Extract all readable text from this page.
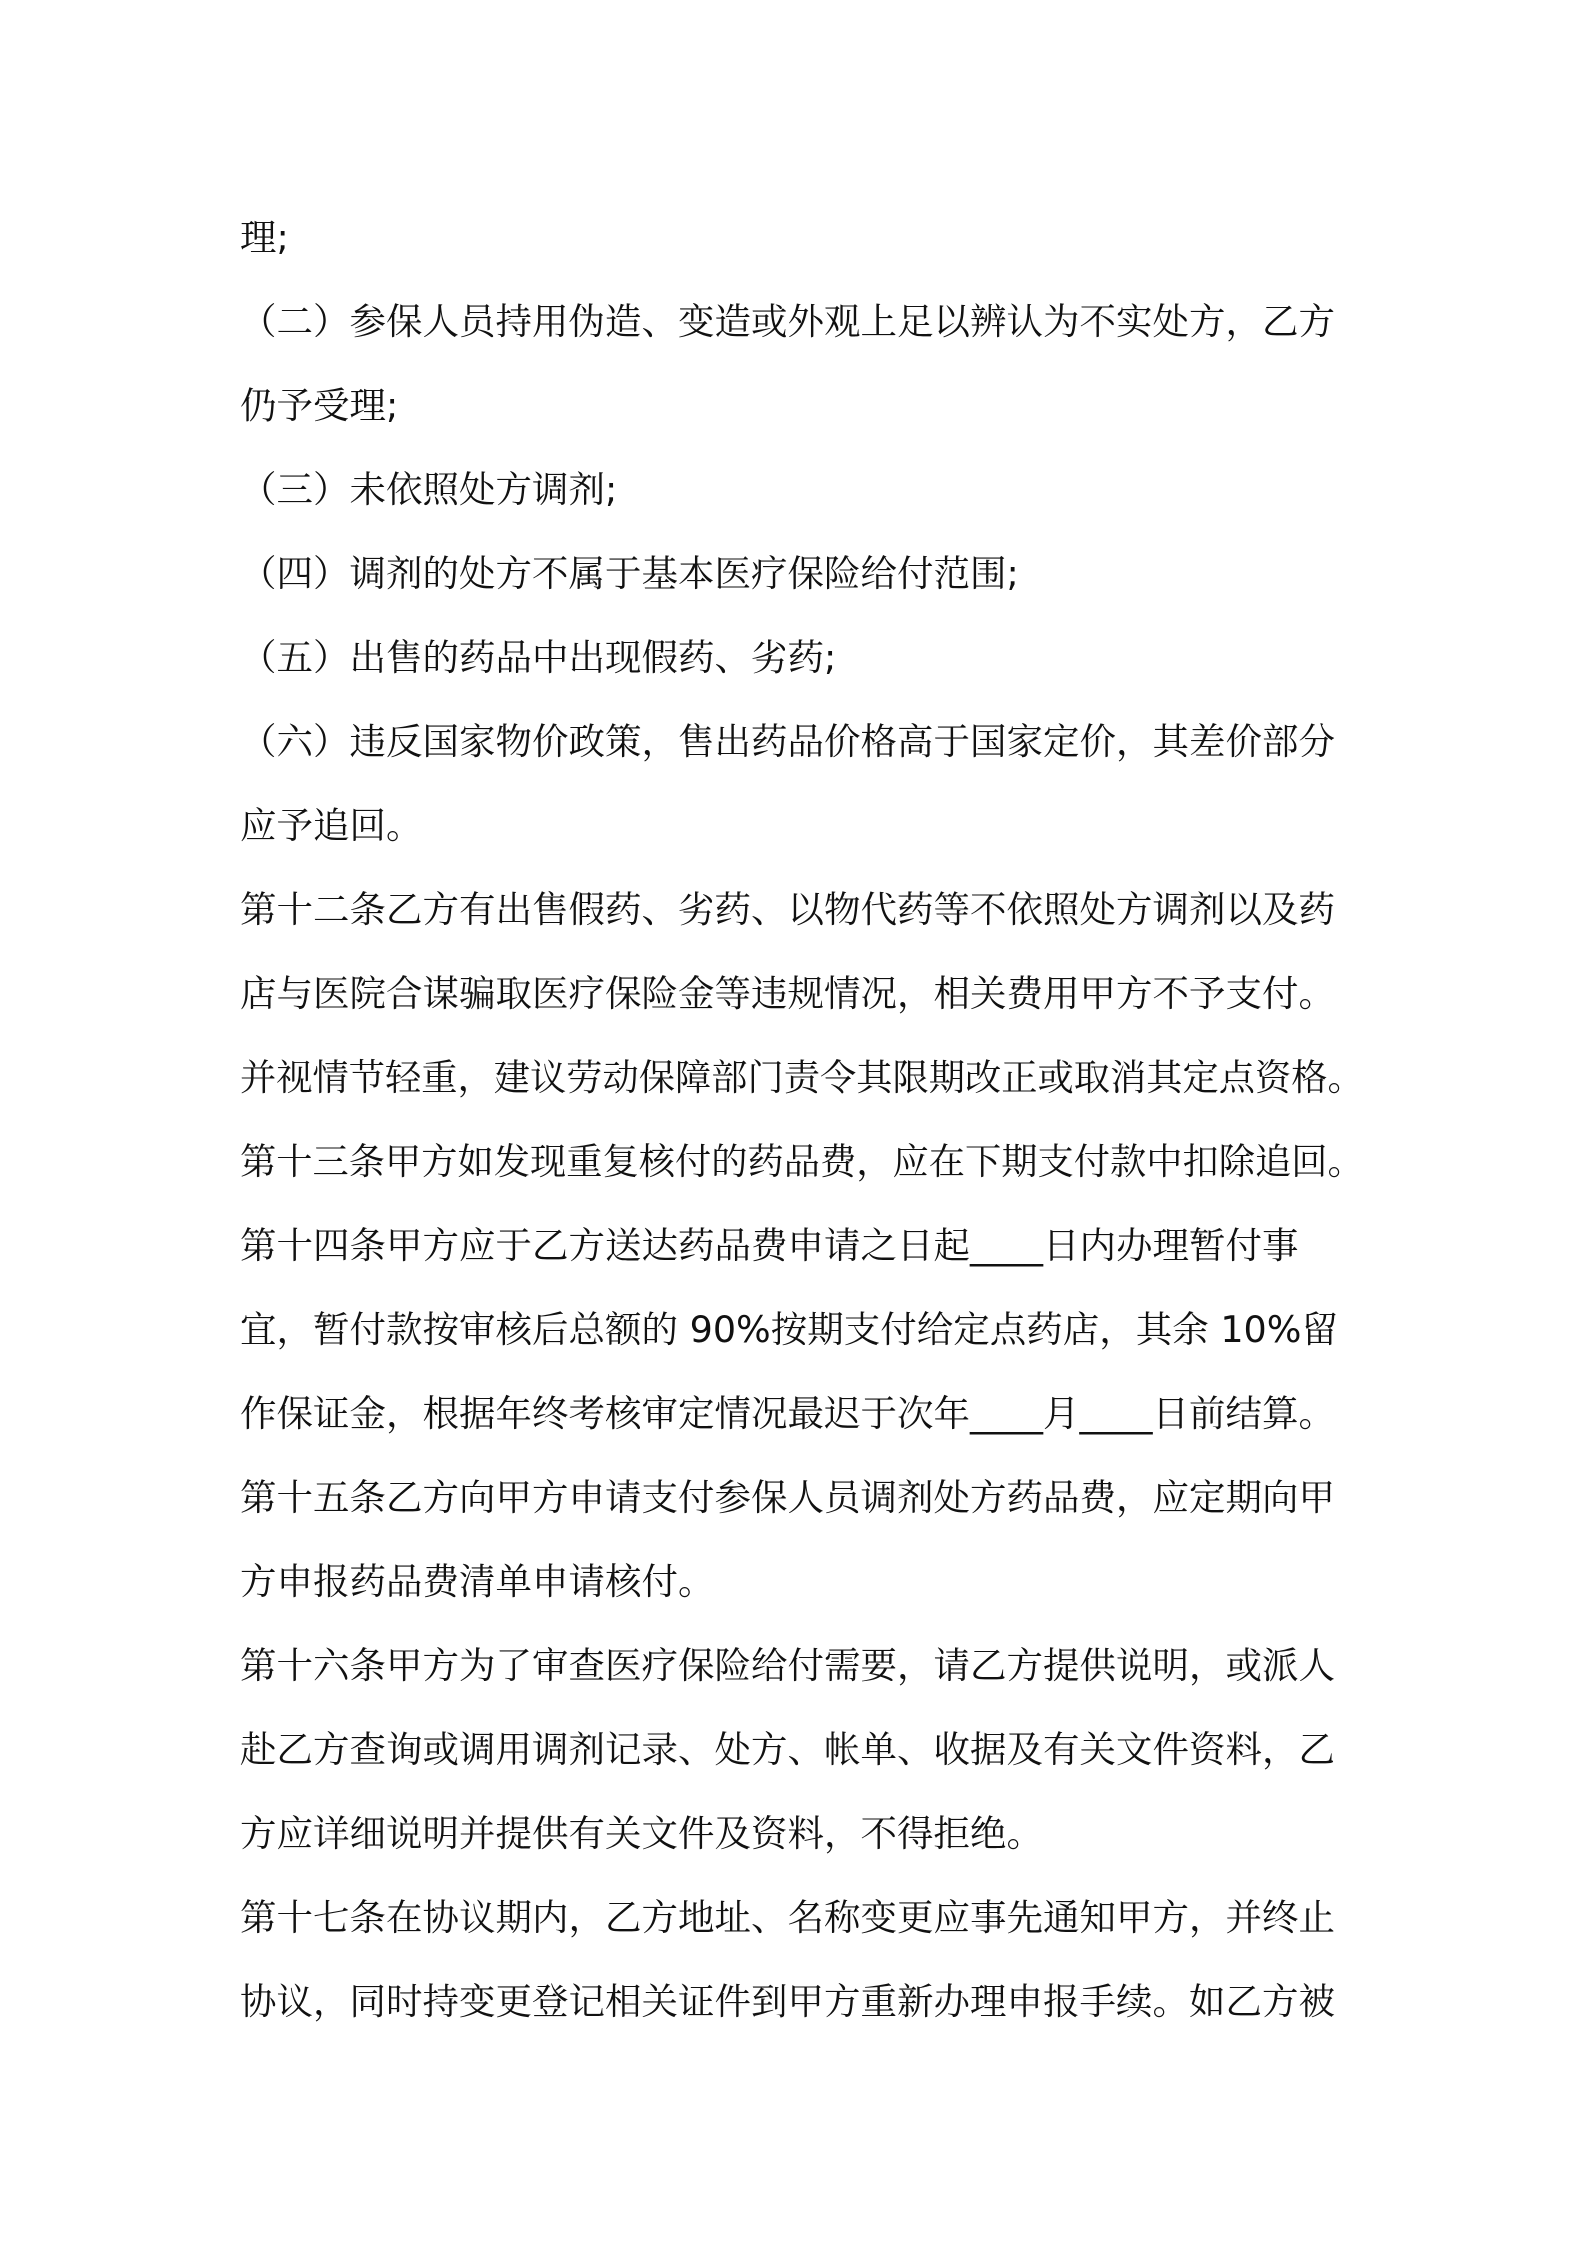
理;
（二）参保人员持用伪造、变造或外观上足以辨认为不实处方，乙方
仍予受理;
（三）未依照处方调剂;
（四）调剂的处方不属于基本医疗保险给付范围;
（五）出售的药品中出现假药、劣药;
（六）违反国家物价政策，售出药品价格高于国家定价，其差价部分
应予追回。
第十二条乙方有出售假药、劣药、以物代药等不依照处方调剂以及药
店与医院合谋骗取医疗保险金等违规情况，相关费用甲方不予支付。
并视情节轻重，建议劳动保障部门责令其限期改正或取消其定点资格。
第十三条甲方如发现重复核付的药品费，应在下期支付款中扣除追回。
第十四条甲方应于乙方送达药品费申请之日起____日内办理暂付事
宜，暂付款按审核后总额的 90%按期支付给定点药店，其余 10%留
作保证金，根据年终考核审定情况最迟于次年____月____日前结算。
第十五条乙方向甲方申请支付参保人员调剂处方药品费，应定期向甲
方申报药品费清单申请核付。
第十六条甲方为了审查医疗保险给付需要，请乙方提供说明，或派人
赴乙方查询或调用调剂记录、处方、帐单、收据及有关文件资料，乙
方应详细说明并提供有关文件及资料，不得拒绝。
第十七条在协议期内，乙方地址、名称变更应事先通知甲方，并终止
协议，同时持变更登记相关证件到甲方重新办理申报手续。如乙方被
